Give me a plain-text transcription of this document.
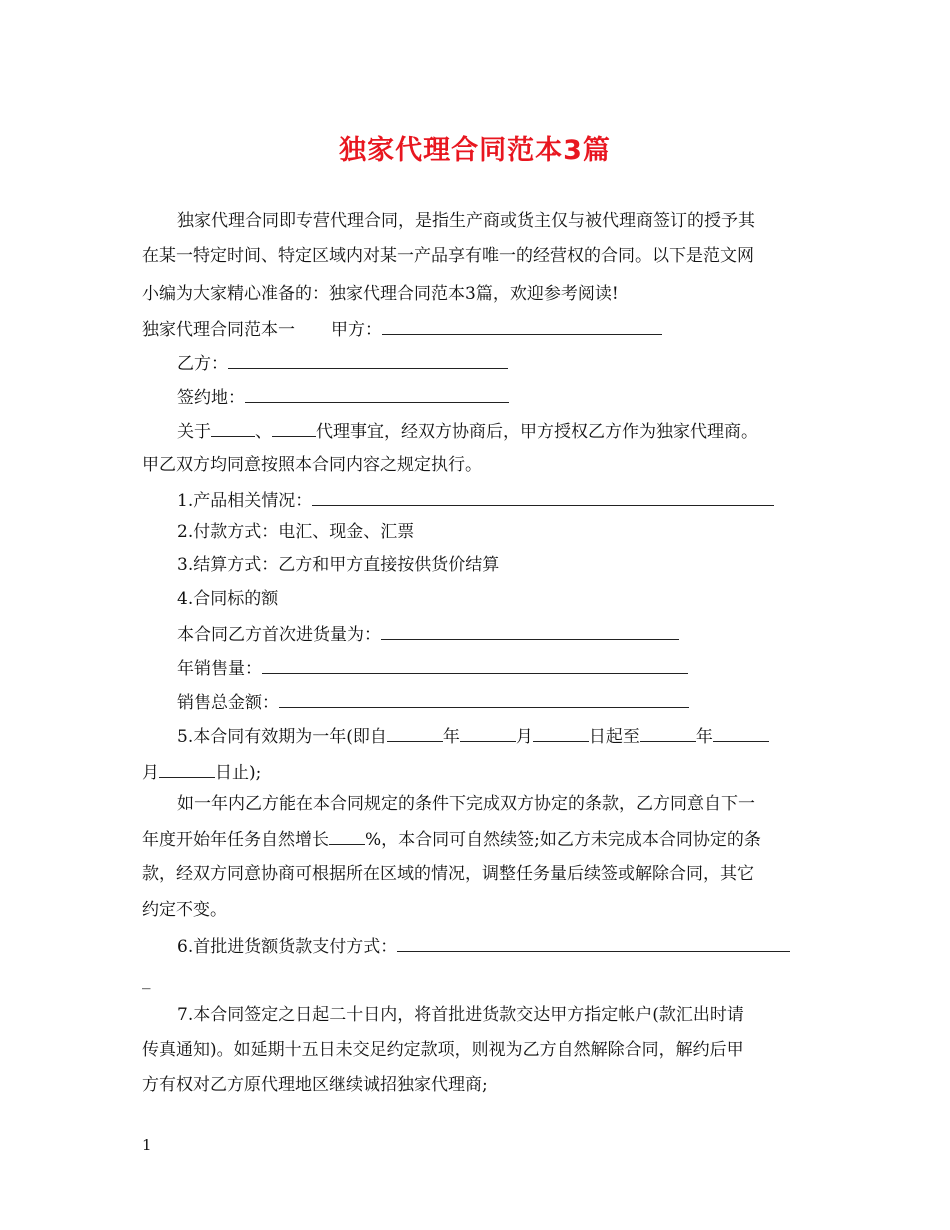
独家代理合同范本3篇
独家代理合同即专营代理合同，是指生产商或货主仅与被代理商签订的授予其
在某一特定时间、特定区域内对某一产品享有唯一的经营权的合同。以下是范文网
小编为大家精心准备的：独家代理合同范本3篇，欢迎参考阅读!
独家代理合同范本一 甲方：
乙方：
签约地：
关于	、	代理事宜，经双方协商后，甲方授权乙方作为独家代理商。
甲乙双方均同意按照本合同内容之规定执行。
1.产品相关情况：
2.付款方式：电汇、现金、汇票
3.结算方式：乙方和甲方直接按供货价结算
4.合同标的额
本合同乙方首次进货量为：
年销售量：
销售总金额：
5.本合同有效期为一年(即自	年	月	日起至	年
月	日止);
如一年内乙方能在本合同规定的条件下完成双方协定的条款，乙方同意自下一
年度开始年任务自然增长 %，本合同可自然续签;如乙方未完成本合同协定的条
款，经双方同意协商可根据所在区域的情况，调整任务量后续签或解除合同，其它
约定不变。
6.首批进货额货款支付方式：
_
7.本合同签定之日起二十日内，将首批进货款交达甲方指定帐户(款汇出时请
传真通知)。如延期十五日未交足约定款项，则视为乙方自然解除合同，解约后甲
方有权对乙方原代理地区继续诚招独家代理商;
1
